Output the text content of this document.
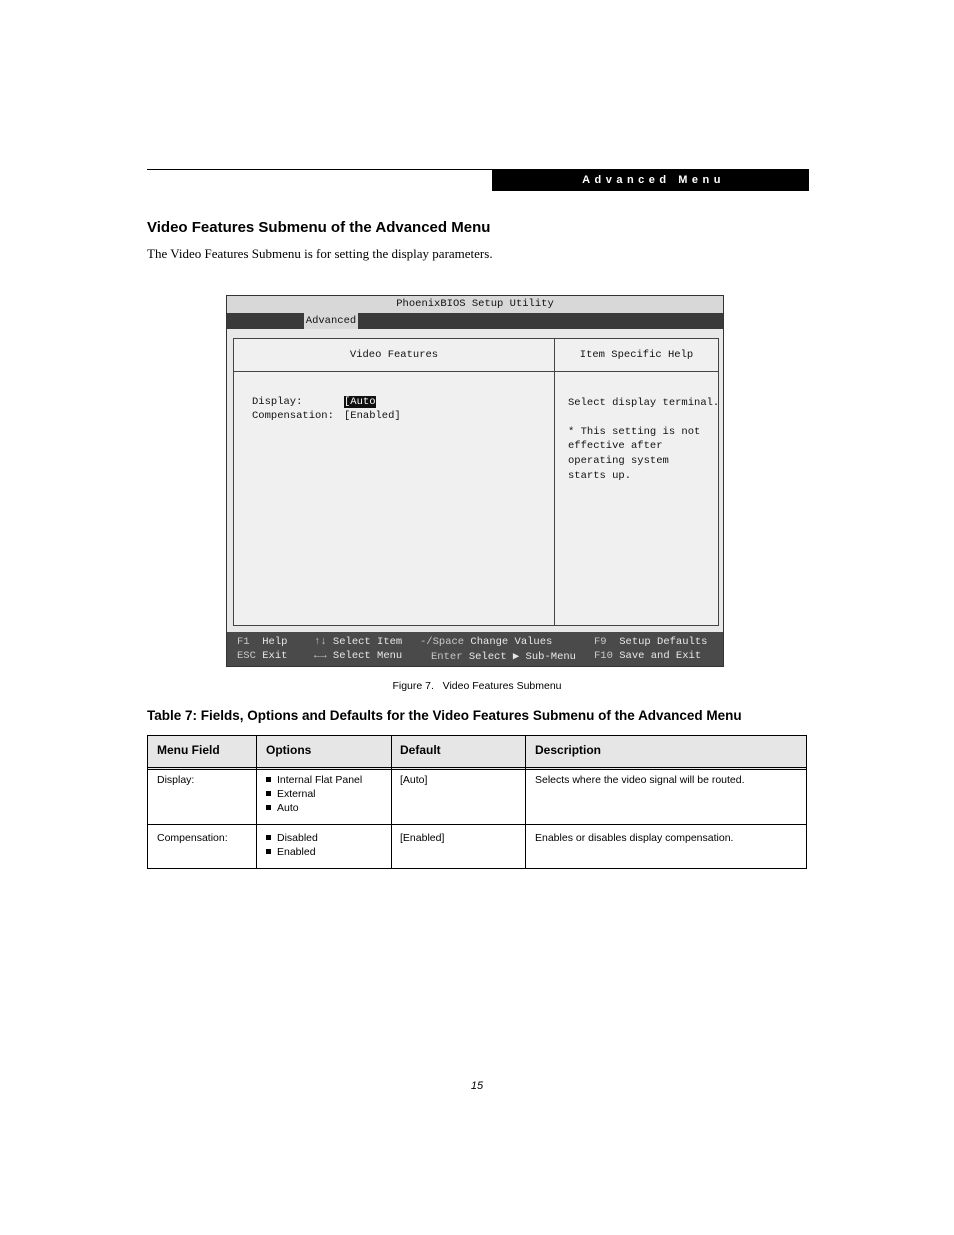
Advanced Menu
Video Features Submenu of the Advanced Menu
The Video Features Submenu is for setting the display parameters.
PhoenixBIOS Setup Utility
Advanced
Video Features
Display:	[Auto
Compensation: [Enabled]
Item Specific Help
Select display terminal.
* This setting is not
effective after
operating system
starts up.
F1 Help	↑↓ Select Item -/Space Change Values	F9 Setup Defaults
ESC Exit	←→ Select Menu	Enter Select ▶ Sub-Menu F10 Save and Exit
Figure 7.   Video Features Submenu
Table 7: Fields, Options and Defaults for the Video Features Submenu of the Advanced Menu
Menu Field	Options	Default	Description
Display:	Internal Flat Panel
External
Auto
[Auto]	Selects where the video signal will be routed.
Compensation:	Disabled
Enabled
[Enabled]	Enables or disables display compensation.
15
